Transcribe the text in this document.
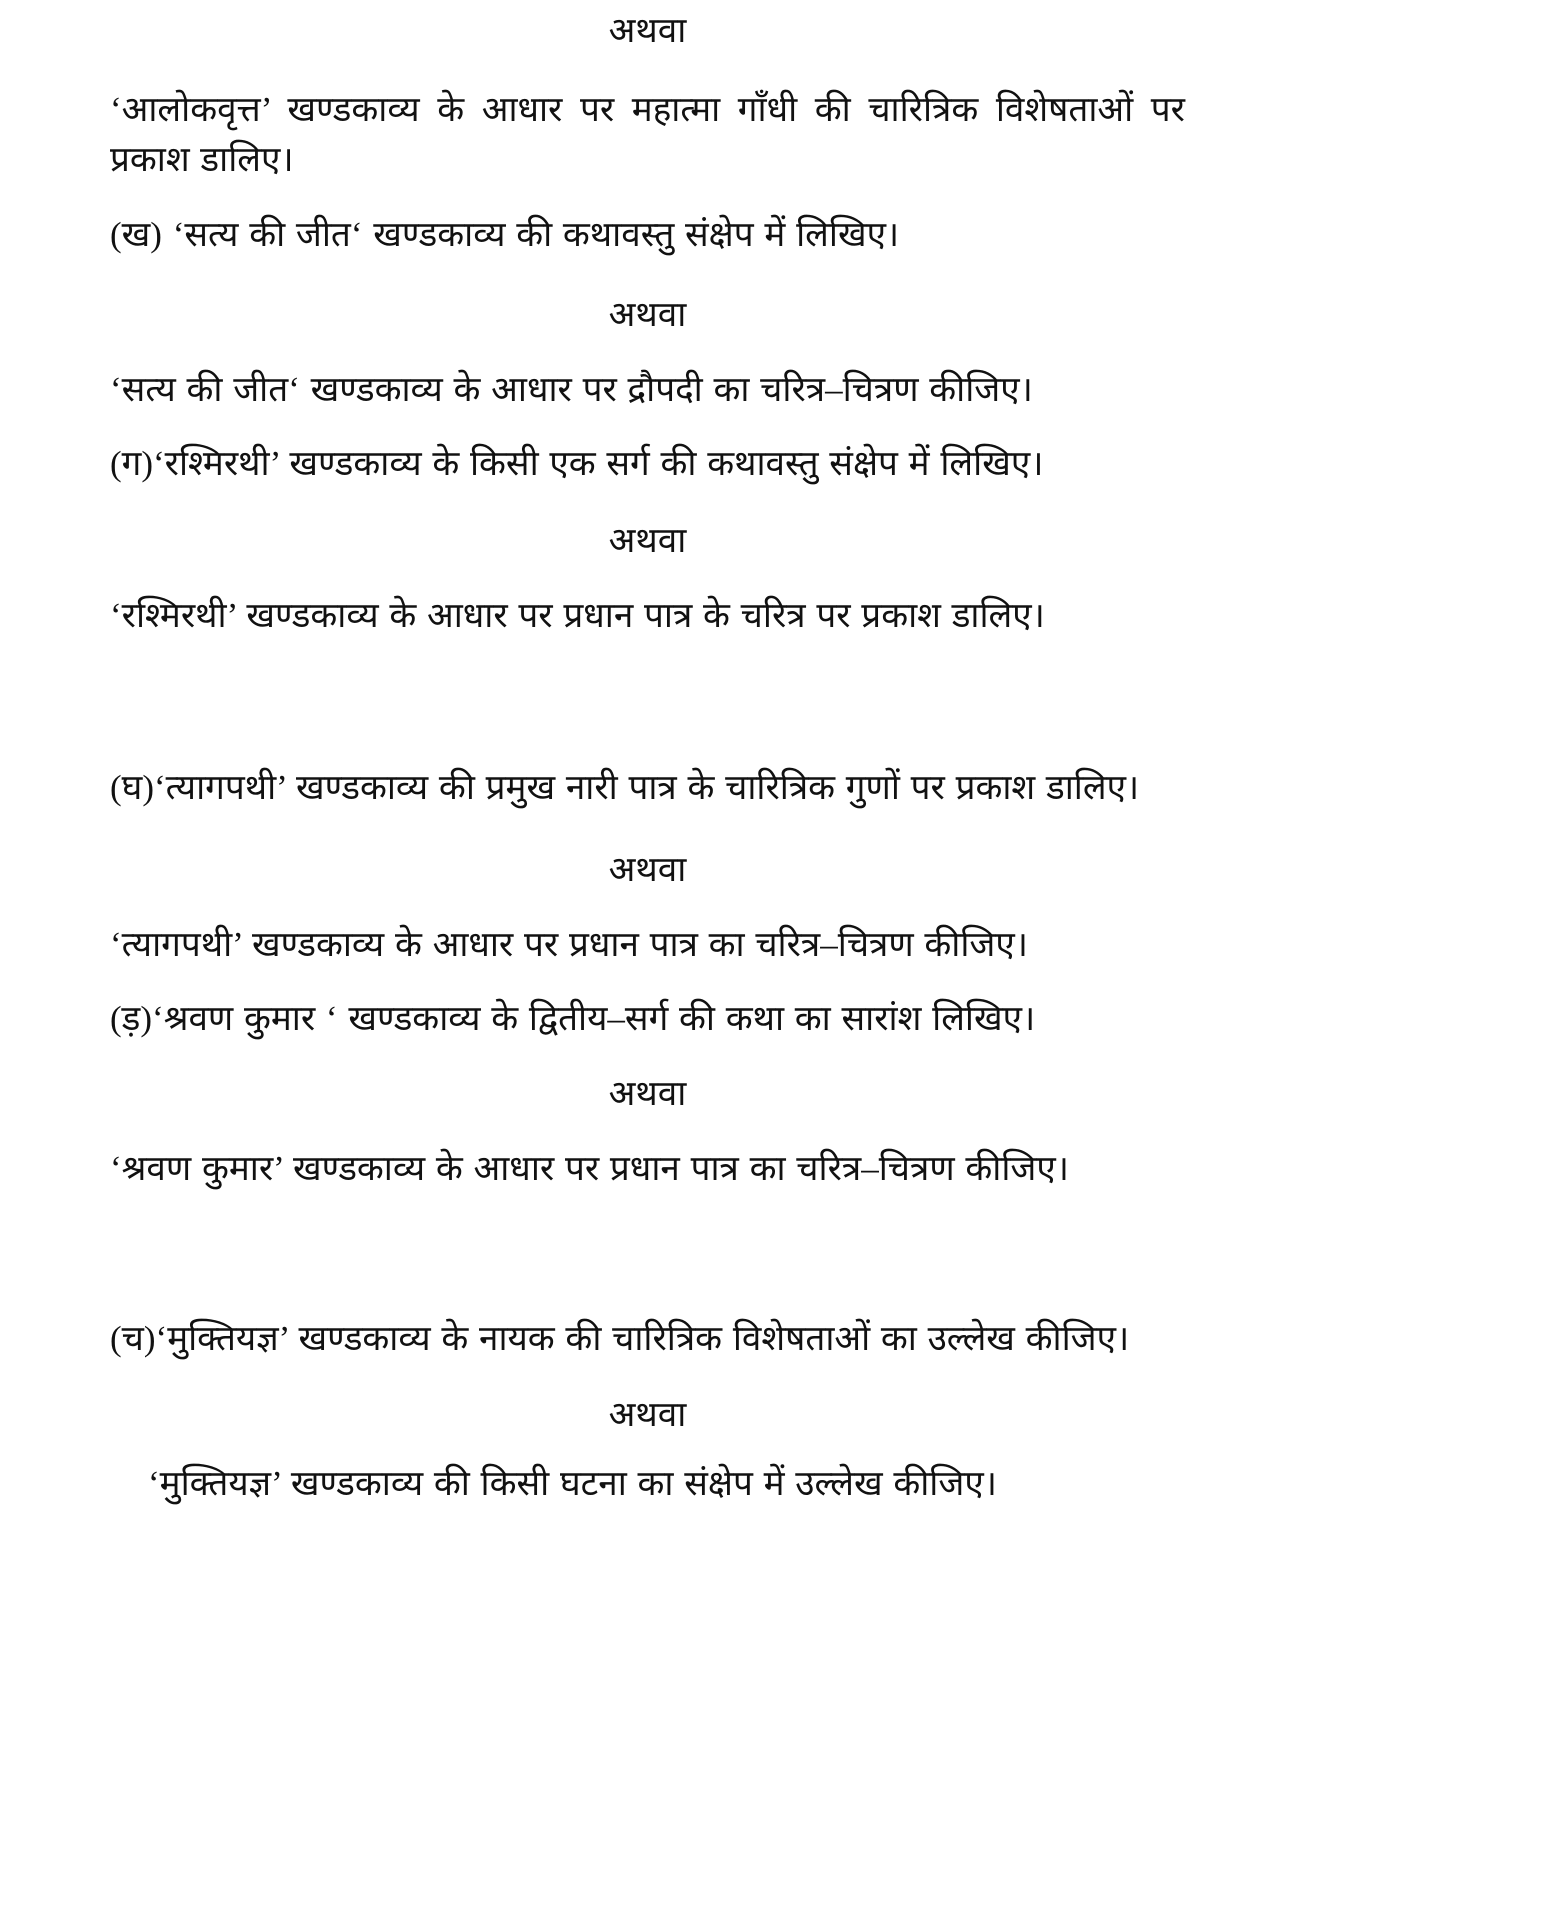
अथवा
‘आलोकवृत्त’ खण्डकाव्य के आधार पर महात्मा गाँधी की चारित्रिक विशेषताओं पर प्रकाश डालिए।
(ख) ‘सत्य की जीत‘ खण्डकाव्य की कथावस्तु संक्षेप में लिखिए।
अथवा
‘सत्य की जीत‘ खण्डकाव्य के आधार पर द्रौपदी का चरित्र–चित्रण कीजिए।
(ग)‘रश्मिरथी’ खण्डकाव्य के किसी एक सर्ग की कथावस्तु संक्षेप में लिखिए।
अथवा
‘रश्मिरथी’ खण्डकाव्य के आधार पर प्रधान पात्र के चरित्र पर प्रकाश डालिए।
(घ)‘त्यागपथी’ खण्डकाव्य की प्रमुख नारी पात्र के चारित्रिक गुणों पर प्रकाश डालिए।
अथवा
‘त्यागपथी’ खण्डकाव्य के आधार पर प्रधान पात्र का चरित्र–चित्रण कीजिए।
(ड़)‘श्रवण कुमार ‘ खण्डकाव्य के द्वितीय–सर्ग की कथा का सारांश लिखिए।
अथवा
‘श्रवण कुमार’ खण्डकाव्य के आधार पर प्रधान पात्र का चरित्र–चित्रण कीजिए।
(च)‘मुक्तियज्ञ’ खण्डकाव्य के नायक की चारित्रिक विशेषताओं का उल्लेख कीजिए।
अथवा
‘मुक्तियज्ञ’ खण्डकाव्य की किसी घटना का संक्षेप में उल्लेख कीजिए।
